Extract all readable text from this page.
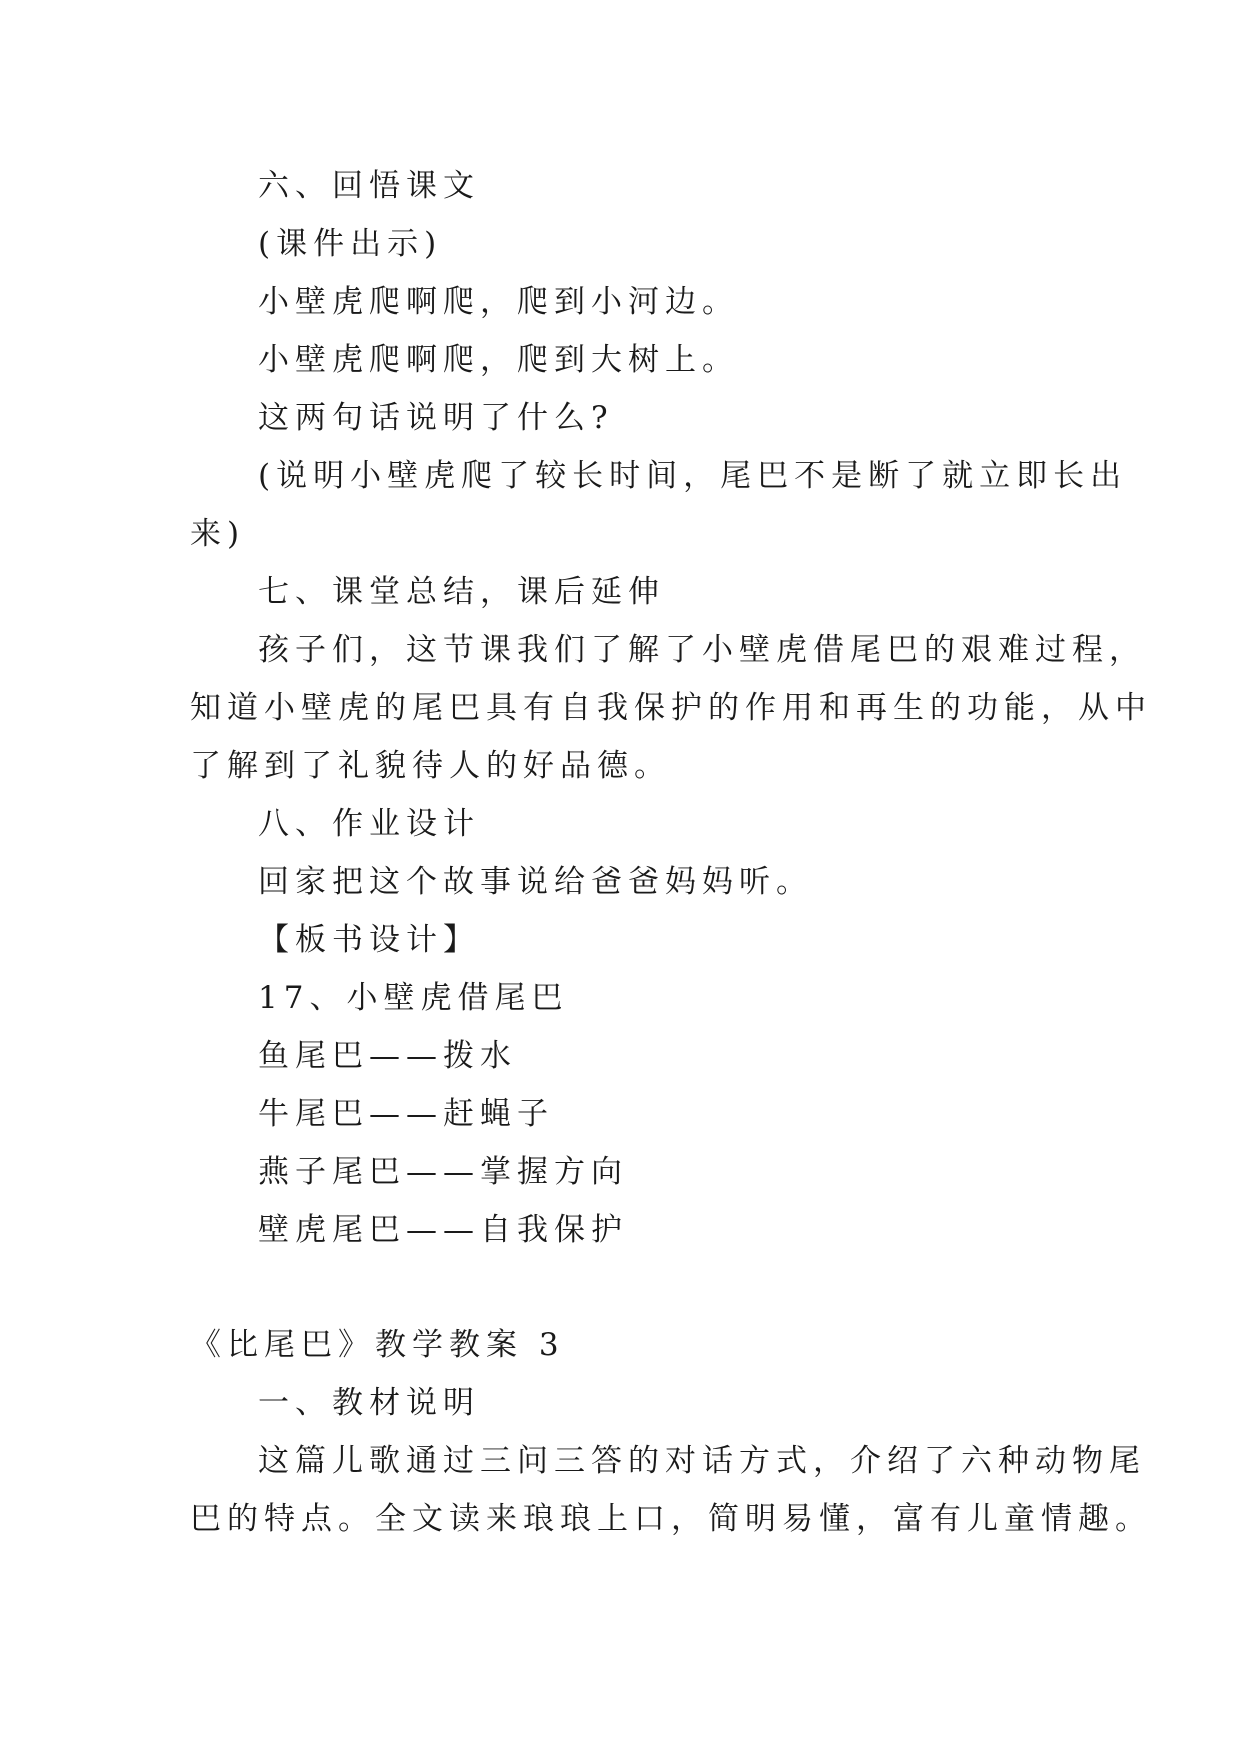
六、回悟课文
(课件出示)
小壁虎爬啊爬，爬到小河边。
小壁虎爬啊爬，爬到大树上。
这两句话说明了什么?
(说明小壁虎爬了较长时间，尾巴不是断了就立即长出
来)
七、课堂总结，课后延伸
孩子们，这节课我们了解了小壁虎借尾巴的艰难过程，
知道小壁虎的尾巴具有自我保护的作用和再生的功能，从中
了解到了礼貌待人的好品德。
八、作业设计
回家把这个故事说给爸爸妈妈听。
【板书设计】
17、小壁虎借尾巴
鱼尾巴——拨水
牛尾巴——赶蝇子
燕子尾巴——掌握方向
壁虎尾巴——自我保护
《比尾巴》教学教案 3
一、教材说明
这篇儿歌通过三问三答的对话方式，介绍了六种动物尾
巴的特点。全文读来琅琅上口，简明易懂，富有儿童情趣。
